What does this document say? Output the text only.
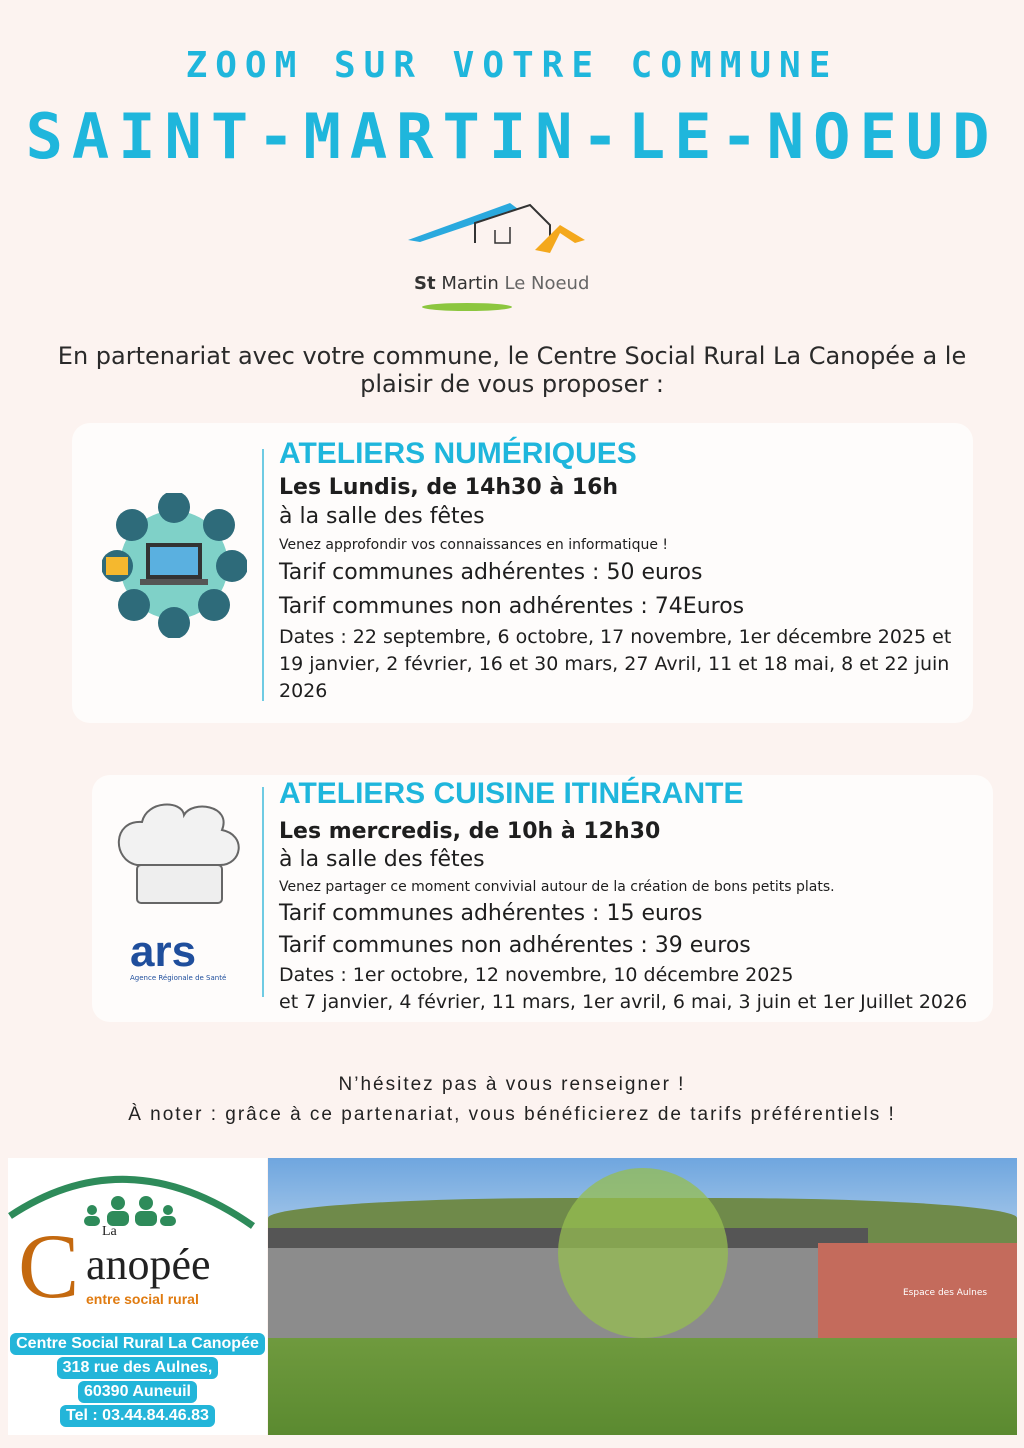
ZOOM SUR VOTRE COMMUNE
SAINT-MARTIN-LE-NOEUD
St Martin Le Noeud
En partenariat avec votre commune, le Centre Social Rural La Canopée a le plaisir de vous proposer :
ATELIERS NUMÉRIQUES
Les Lundis, de 14h30 à 16h
à la salle des fêtes
Venez approfondir vos connaissances en informatique !
Tarif communes adhérentes : 50 euros
Tarif communes non adhérentes : 74Euros
Dates : 22 septembre, 6 octobre, 17 novembre, 1er décembre 2025 et 19 janvier, 2 février, 16 et 30 mars, 27 Avril, 11 et 18 mai, 8 et 22 juin 2026
ars
Agence Régionale de Santé
ATELIERS CUISINE ITINÉRANTE
Les mercredis, de 10h à 12h30
à la salle des fêtes
Venez partager ce moment convivial autour de la création de bons petits plats.
Tarif communes adhérentes : 15 euros
Tarif communes non adhérentes : 39 euros
Dates : 1er octobre, 12 novembre, 10 décembre 2025
et 7 janvier, 4 février, 11 mars, 1er avril, 6 mai, 3 juin et 1er Juillet 2026
N’hésitez pas à vous renseigner !
À noter : grâce à ce partenariat, vous bénéficierez de tarifs préférentiels !
La
C anopée
entre social rural
Centre Social Rural La Canopée
318 rue des Aulnes,
60390 Auneuil
Tel : 03.44.84.46.83
Espace des Aulnes
